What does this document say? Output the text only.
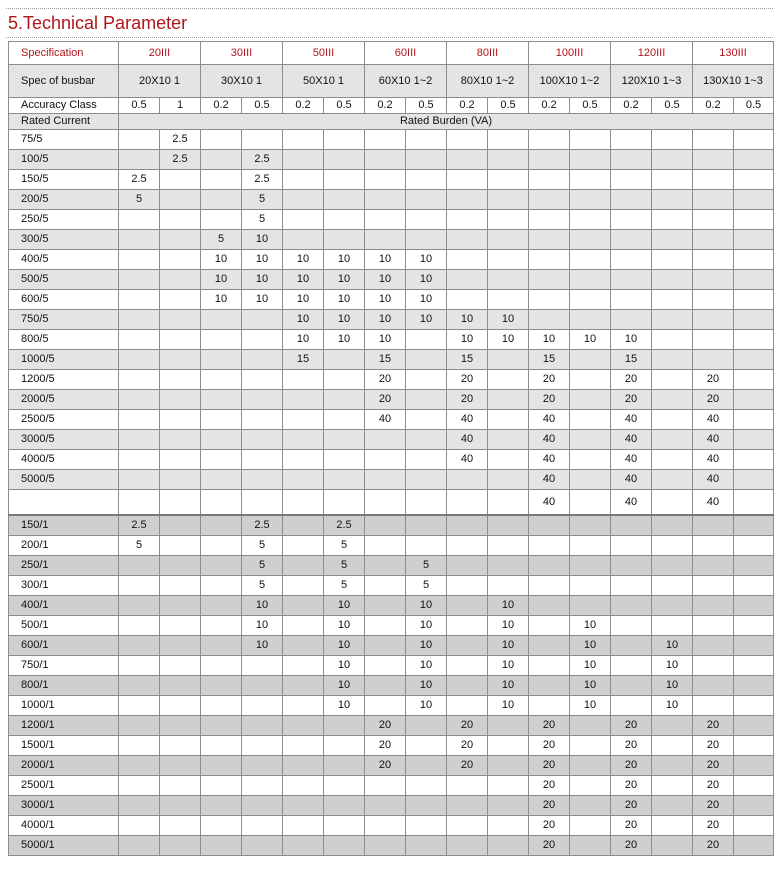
5.Technical Parameter
Specification	20III		30III		50III		60III		80III		100III		120III		130III	
Spec of busbar	20X10 1		30X10 1		50X10 1		60X10 1~2		80X10 1~2		100X10 1~2		120X10 1~3		130X10 1~3	
Accuracy Class	0.5	1	0.2	0.5	0.2	0.5	0.2	0.5	0.2	0.5	0.2	0.5	0.2	0.5	0.2	0.5
Rated Current	Rated Burden (VA)															
75/5		2.5														
100/5		2.5		2.5												
150/5	2.5			2.5												
200/5	5			5												
250/5				5												
300/5			5	10												
400/5			10	10	10	10	10	10								
500/5			10	10	10	10	10	10								
600/5			10	10	10	10	10	10								
750/5					10	10	10	10	10	10						
800/5					10	10	10		10	10	10	10	10			
1000/5					15		15		15		15		15			
1200/5							20		20		20		20		20	
2000/5							20		20		20		20		20	
2500/5							40		40		40		40		40	
3000/5									40		40		40		40	
4000/5									40		40		40		40	
5000/5											40		40		40	
											40		40		40	
150/1	2.5			2.5		2.5										
200/1	5			5		5										
250/1				5		5		5								
300/1				5		5		5								
400/1				10		10		10		10						
500/1				10		10		10		10		10				
600/1				10		10		10		10		10		10		
750/1						10		10		10		10		10		
800/1						10		10		10		10		10		
1000/1						10		10		10		10		10		
1200/1							20		20		20		20		20	
1500/1							20		20		20		20		20	
2000/1							20		20		20		20		20	
2500/1											20		20		20	
3000/1											20		20		20	
4000/1											20		20		20	
5000/1											20		20		20	
